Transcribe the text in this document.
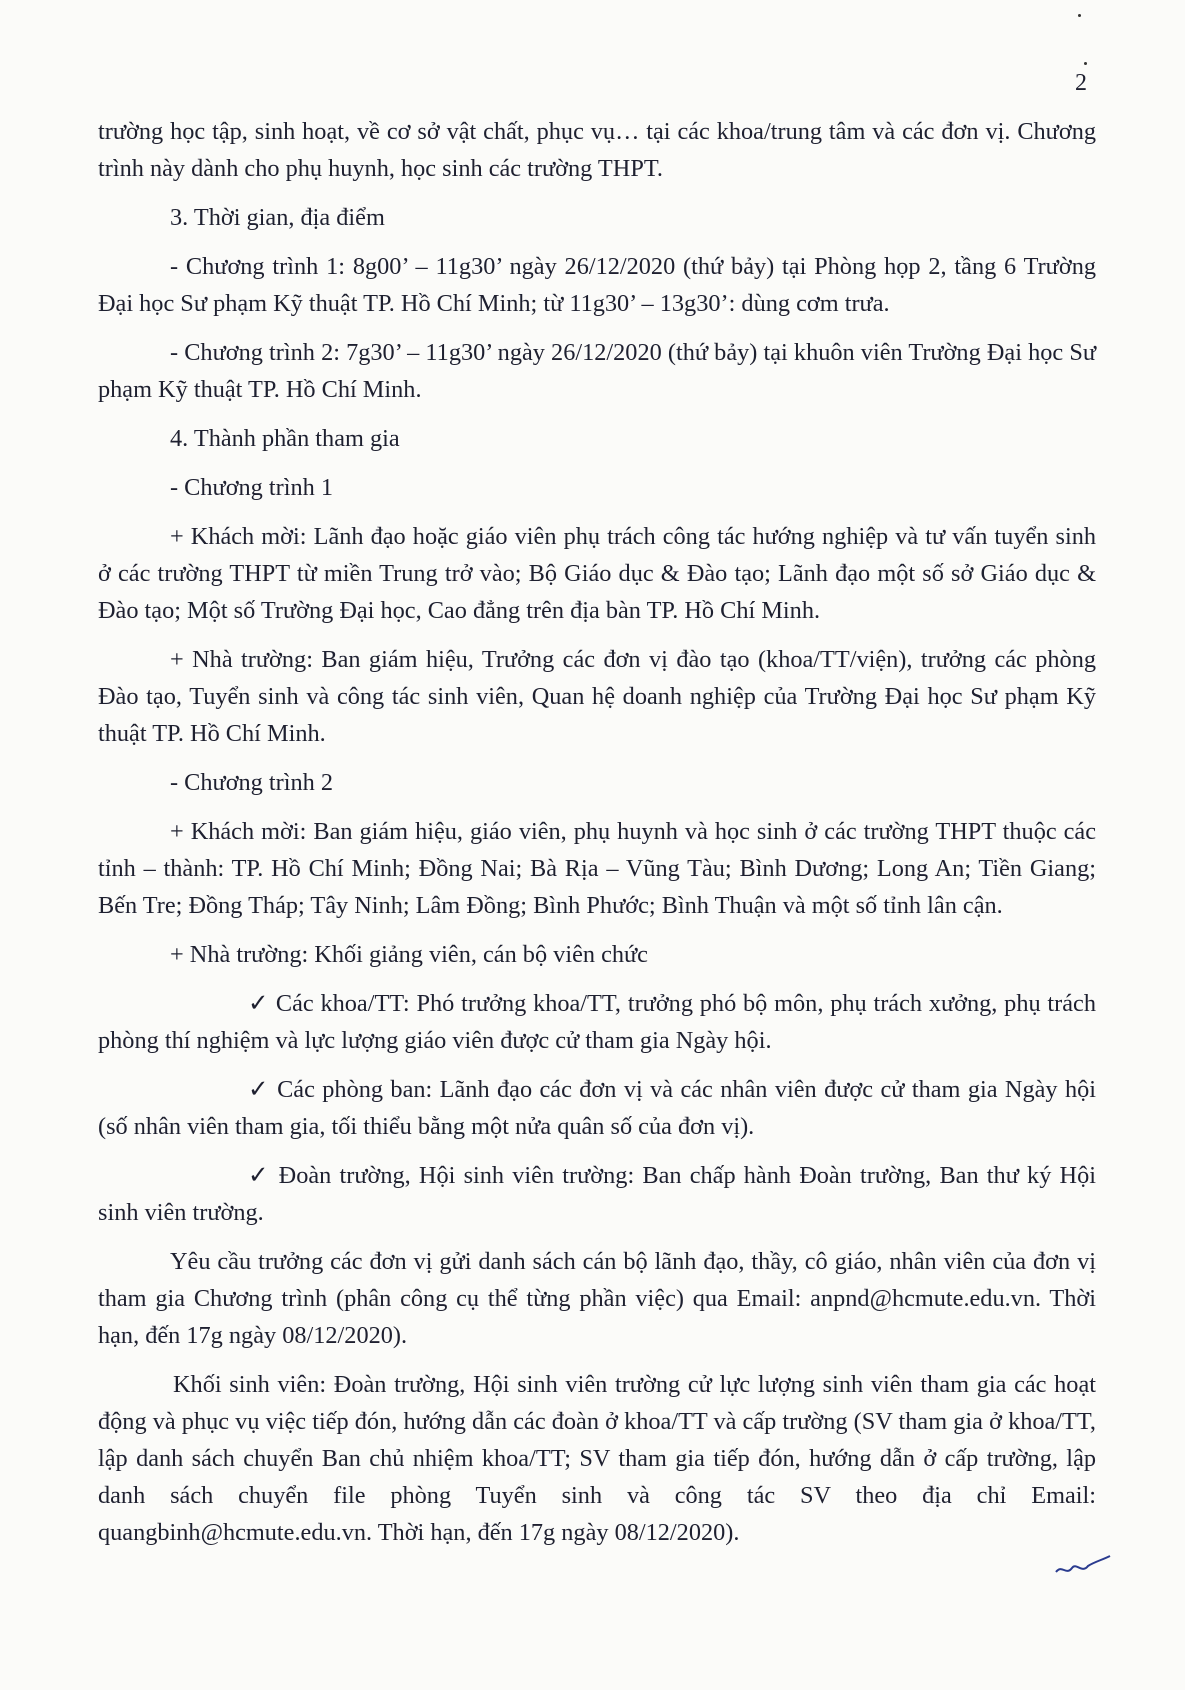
2

trường học tập, sinh hoạt, về cơ sở vật chất, phục vụ… tại các khoa/trung tâm và các đơn vị. Chương trình này dành cho phụ huynh, học sinh các trường THPT.

3. Thời gian, địa điểm

- Chương trình 1: 8g00’ – 11g30’ ngày 26/12/2020 (thứ bảy) tại Phòng họp 2, tầng 6 Trường Đại học Sư phạm Kỹ thuật TP. Hồ Chí Minh; từ 11g30’ – 13g30’: dùng cơm trưa.

- Chương trình 2: 7g30’ – 11g30’ ngày 26/12/2020 (thứ bảy) tại khuôn viên Trường Đại học Sư phạm Kỹ thuật TP. Hồ Chí Minh.

4. Thành phần tham gia

- Chương trình 1

+ Khách mời: Lãnh đạo hoặc giáo viên phụ trách công tác hướng nghiệp và tư vấn tuyển sinh ở các trường THPT từ miền Trung trở vào; Bộ Giáo dục & Đào tạo; Lãnh đạo một số sở Giáo dục & Đào tạo; Một số Trường Đại học, Cao đẳng trên địa bàn TP. Hồ Chí Minh.

+ Nhà trường: Ban giám hiệu, Trưởng các đơn vị đào tạo (khoa/TT/viện), trưởng các phòng Đào tạo, Tuyển sinh và công tác sinh viên, Quan hệ doanh nghiệp của Trường Đại học Sư phạm Kỹ thuật TP. Hồ Chí Minh.

- Chương trình 2

+ Khách mời: Ban giám hiệu, giáo viên, phụ huynh và học sinh ở các trường THPT thuộc các tỉnh – thành: TP. Hồ Chí Minh; Đồng Nai; Bà Rịa – Vũng Tàu; Bình Dương; Long An; Tiền Giang; Bến Tre; Đồng Tháp; Tây Ninh; Lâm Đồng; Bình Phước; Bình Thuận và một số tỉnh lân cận.

+ Nhà trường: Khối giảng viên, cán bộ viên chức

✓ Các khoa/TT: Phó trưởng khoa/TT, trưởng phó bộ môn, phụ trách xưởng, phụ trách phòng thí nghiệm và lực lượng giáo viên được cử tham gia Ngày hội.

✓ Các phòng ban: Lãnh đạo các đơn vị và các nhân viên được cử tham gia Ngày hội (số nhân viên tham gia, tối thiểu bằng một nửa quân số của đơn vị).

✓ Đoàn trường, Hội sinh viên trường: Ban chấp hành Đoàn trường, Ban thư ký Hội sinh viên trường.

Yêu cầu trưởng các đơn vị gửi danh sách cán bộ lãnh đạo, thầy, cô giáo, nhân viên của đơn vị tham gia Chương trình (phân công cụ thể từng phần việc) qua Email: anpnd@hcmute.edu.vn. Thời hạn, đến 17g ngày 08/12/2020).

Khối sinh viên: Đoàn trường, Hội sinh viên trường cử lực lượng sinh viên tham gia các hoạt động và phục vụ việc tiếp đón, hướng dẫn các đoàn ở khoa/TT và cấp trường (SV tham gia ở khoa/TT, lập danh sách chuyển Ban chủ nhiệm khoa/TT; SV tham gia tiếp đón, hướng dẫn ở cấp trường, lập danh sách chuyển file phòng Tuyển sinh và công tác SV theo địa chỉ Email: quangbinh@hcmute.edu.vn. Thời hạn, đến 17g ngày 08/12/2020).
